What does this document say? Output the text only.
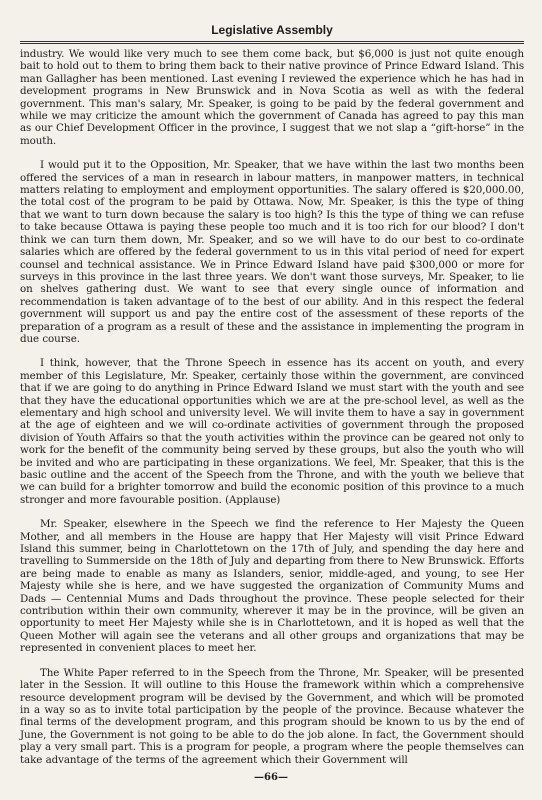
Legislative Assembly

industry. We would like very much to see them come back, but $6,000 is just not quite enough bait to hold out to them to bring them back to their native province of Prince Edward Island. This man Gallagher has been mentioned. Last evening I reviewed the experience which he has had in development programs in New Brunswick and in Nova Scotia as well as with the federal government. This man's salary, Mr. Speaker, is going to be paid by the federal government and while we may criticize the amount which the government of Canada has agreed to pay this man as our Chief Development Officer in the province, I suggest that we not slap a “gift-horse” in the mouth.

I would put it to the Opposition, Mr. Speaker, that we have within the last two months been offered the services of a man in research in labour matters, in manpower matters, in technical matters relating to employment and employment opportunities. The salary offered is $20,000.00, the total cost of the program to be paid by Ottawa. Now, Mr. Speaker, is this the type of thing that we want to turn down because the salary is too high? Is this the type of thing we can refuse to take because Ottawa is paying these people too much and it is too rich for our blood? I don't think we can turn them down, Mr. Speaker, and so we will have to do our best to co-ordinate salaries which are offered by the federal government to us in this vital period of need for expert counsel and technical assistance. We in Prince Edward Island have paid $300,000 or more for surveys in this province in the last three years. We don't want those surveys, Mr. Speaker, to lie on shelves gathering dust. We want to see that every single ounce of information and recommendation is taken advantage of to the best of our ability. And in this respect the federal government will support us and pay the entire cost of the assessment of these reports of the preparation of a program as a result of these and the assistance in implementing the program in due course.

I think, however, that the Throne Speech in essence has its accent on youth, and every member of this Legislature, Mr. Speaker, certainly those within the government, are convinced that if we are going to do anything in Prince Edward Island we must start with the youth and see that they have the educational opportunities which we are at the pre-school level, as well as the elementary and high school and university level. We will invite them to have a say in government at the age of eighteen and we will co-ordinate activities of government through the proposed division of Youth Affairs so that the youth activities within the province can be geared not only to work for the benefit of the community being served by these groups, but also the youth who will be invited and who are participating in these organizations. We feel, Mr. Speaker, that this is the basic outline and the accent of the Speech from the Throne, and with the youth we believe that we can build for a brighter tomorrow and build the economic position of this province to a much stronger and more favourable position. (Applause)

Mr. Speaker, elsewhere in the Speech we find the reference to Her Majesty the Queen Mother, and all members in the House are happy that Her Majesty will visit Prince Edward Island this summer, being in Charlottetown on the 17th of July, and spending the day here and travelling to Summerside on the 18th of July and departing from there to New Brunswick. Efforts are being made to enable as many as Islanders, senior, middle-aged, and young, to see Her Majesty while she is here, and we have suggested the organization of Community Mums and Dads — Centennial Mums and Dads throughout the province. These people selected for their contribution within their own community, wherever it may be in the province, will be given an opportunity to meet Her Majesty while she is in Charlottetown, and it is hoped as well that the Queen Mother will again see the veterans and all other groups and organizations that may be represented in convenient places to meet her.

The White Paper referred to in the Speech from the Throne, Mr. Speaker, will be presented later in the Session. It will outline to this House the framework within which a comprehensive resource development program will be devised by the Government, and which will be promoted in a way so as to invite total participation by the people of the province. Because whatever the final terms of the development program, and this program should be known to us by the end of June, the Government is not going to be able to do the job alone. In fact, the Government should play a very small part. This is a program for people, a program where the people themselves can take advantage of the terms of the agreement which their Government will

—66—
